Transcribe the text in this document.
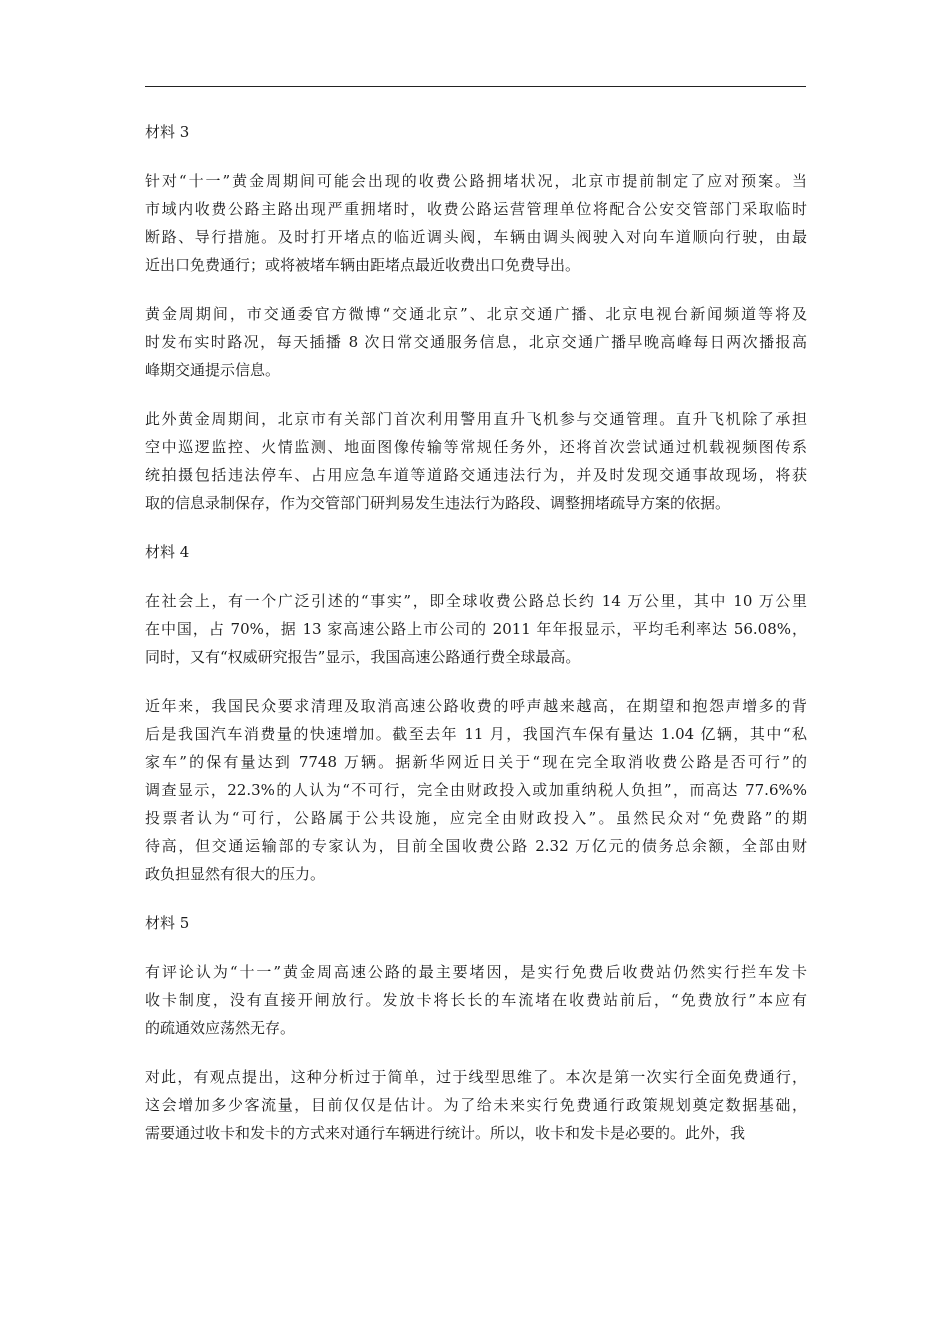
材料 3
针对“十一”黄金周期间可能会出现的收费公路拥堵状况，北京市提前制定了应对预案。当
市域内收费公路主路出现严重拥堵时，收费公路运营管理单位将配合公安交管部门采取临时
断路、导行措施。及时打开堵点的临近调头阀，车辆由调头阀驶入对向车道顺向行驶，由最
近出口免费通行；或将被堵车辆由距堵点最近收费出口免费导出。
黄金周期间，市交通委官方微博“交通北京”、北京交通广播、北京电视台新闻频道等将及
时发布实时路况，每天插播 8 次日常交通服务信息，北京交通广播早晚高峰每日两次播报高
峰期交通提示信息。
此外黄金周期间，北京市有关部门首次利用警用直升飞机参与交通管理。直升飞机除了承担
空中巡逻监控、火情监测、地面图像传输等常规任务外，还将首次尝试通过机载视频图传系
统拍摄包括违法停车、占用应急车道等道路交通违法行为，并及时发现交通事故现场，将获
取的信息录制保存，作为交管部门研判易发生违法行为路段、调整拥堵疏导方案的依据。
材料 4
在社会上，有一个广泛引述的“事实”，即全球收费公路总长约 14 万公里，其中 10 万公里
在中国，占 70%，据 13 家高速公路上市公司的 2011 年年报显示，平均毛利率达 56.08%，
同时，又有“权威研究报告”显示，我国高速公路通行费全球最高。
近年来，我国民众要求清理及取消高速公路收费的呼声越来越高，在期望和抱怨声增多的背
后是我国汽车消费量的快速增加。截至去年 11 月，我国汽车保有量达 1.04 亿辆，其中“私
家车”的保有量达到 7748 万辆。据新华网近日关于“现在完全取消收费公路是否可行”的
调查显示，22.3%的人认为“不可行，完全由财政投入或加重纳税人负担”，而高达 77.6%%
投票者认为“可行，公路属于公共设施，应完全由财政投入”。虽然民众对“免费路”的期
待高，但交通运输部的专家认为，目前全国收费公路 2.32 万亿元的债务总余额，全部由财
政负担显然有很大的压力。
材料 5
有评论认为“十一”黄金周高速公路的最主要堵因，是实行免费后收费站仍然实行拦车发卡
收卡制度，没有直接开闸放行。发放卡将长长的车流堵在收费站前后，“免费放行”本应有
的疏通效应荡然无存。
对此，有观点提出，这种分析过于简单，过于线型思维了。本次是第一次实行全面免费通行，
这会增加多少客流量，目前仅仅是估计。为了给未来实行免费通行政策规划奠定数据基础，
需要通过收卡和发卡的方式来对通行车辆进行统计。所以，收卡和发卡是必要的。此外，我
